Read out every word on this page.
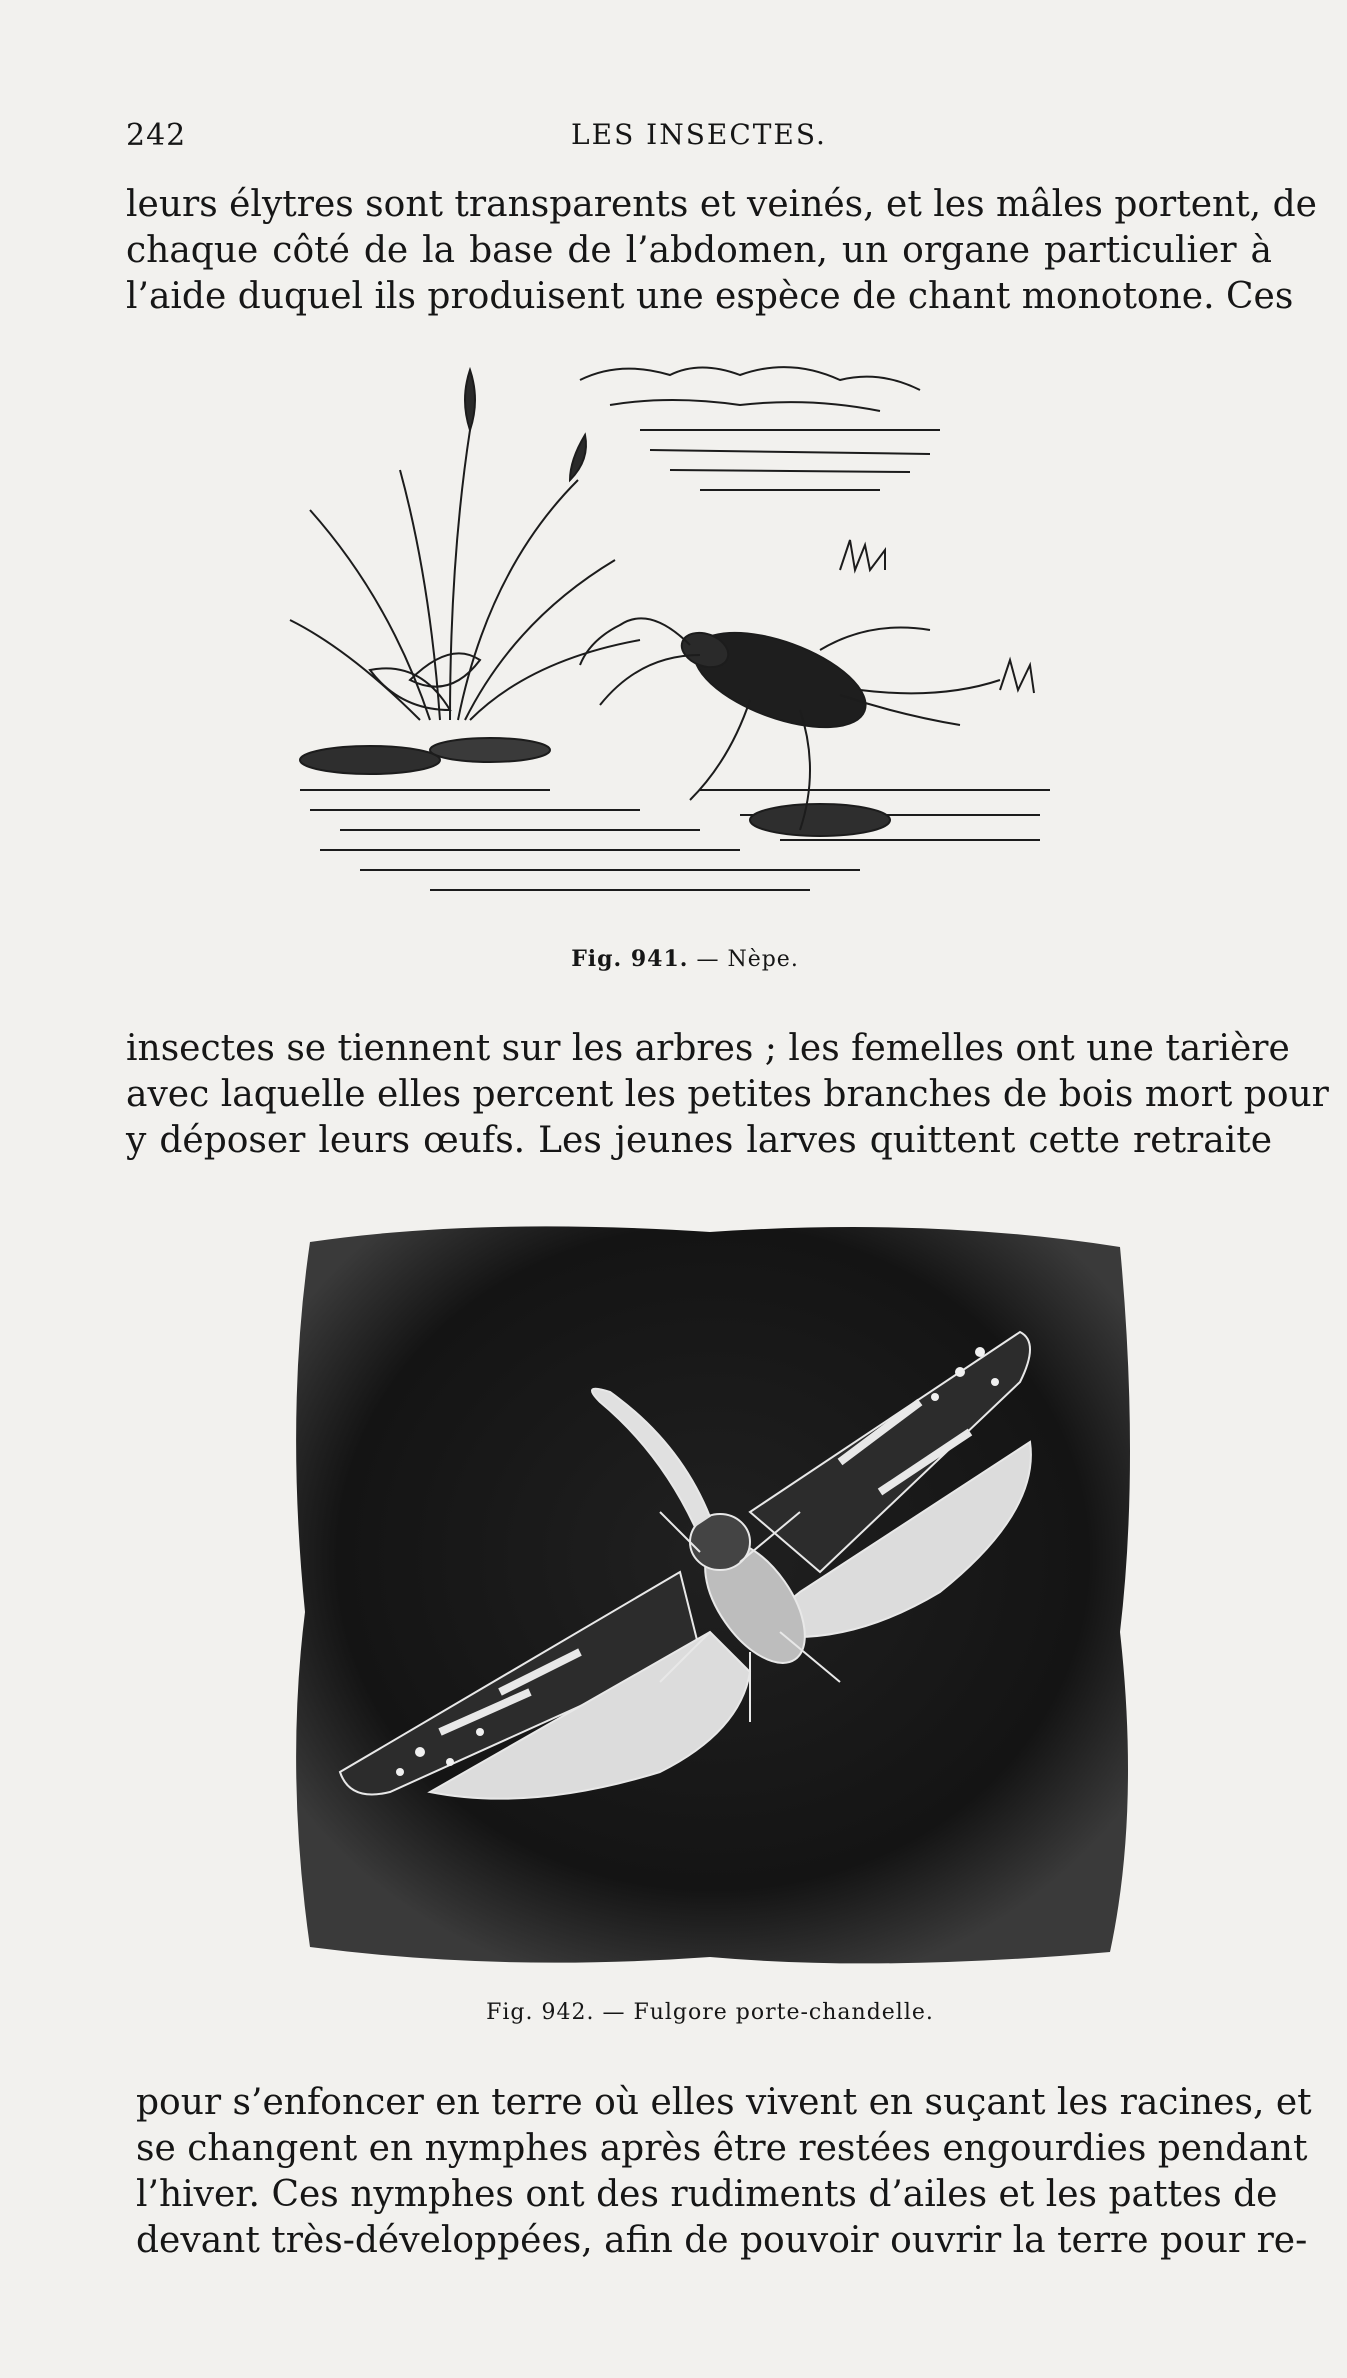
242	LES INSECTES.

leurs élytres sont transparents et veinés, et les mâles portent, de
chaque côté de la base de l’abdomen, un organe particulier à
l’aide duquel ils produisent une espèce de chant monotone. Ces

Fig. 941. — Nèpe.

insectes se tiennent sur les arbres ; les femelles ont une tarière
avec laquelle elles percent les petites branches de bois mort pour
y déposer leurs œufs. Les jeunes larves quittent cette retraite

Fig. 942. — Fulgore porte-chandelle.

pour s’enfoncer en terre où elles vivent en suçant les racines, et
se changent en nymphes après être restées engourdies pendant
l’hiver. Ces nymphes ont des rudiments d’ailes et les pattes de
devant très-développées, afin de pouvoir ouvrir la terre pour re-
